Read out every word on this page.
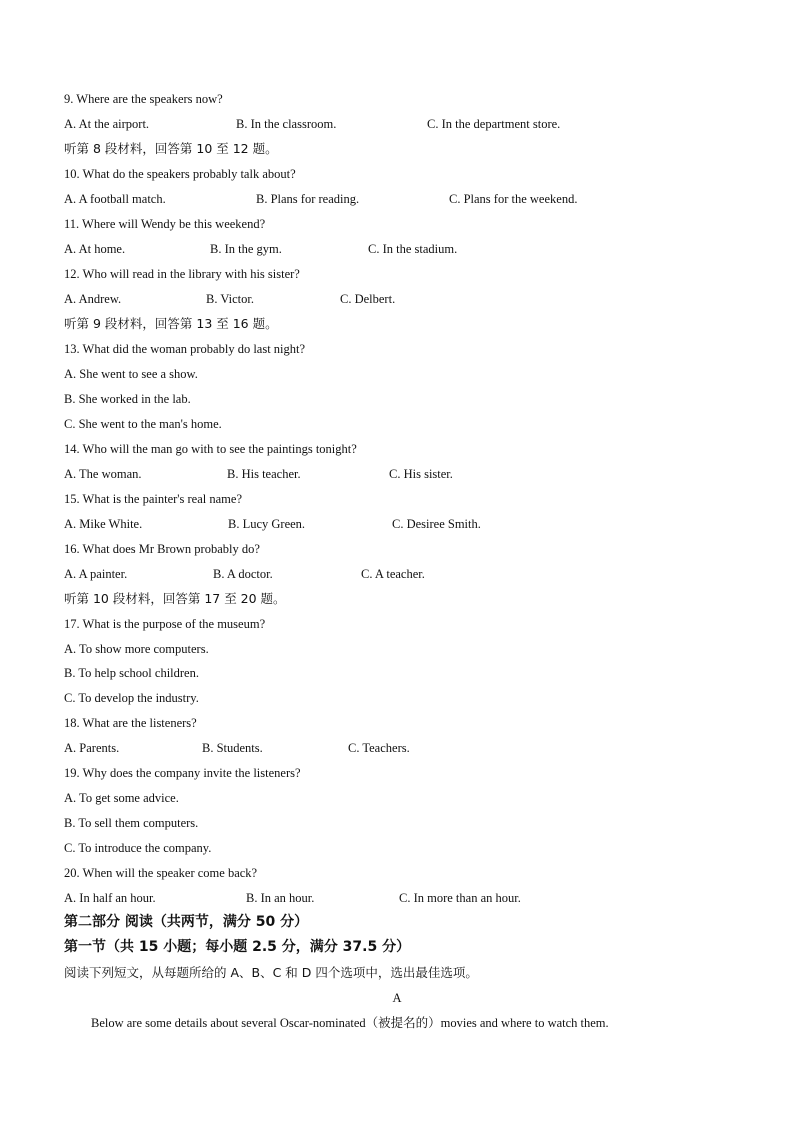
9. Where are the speakers now?
A. At the airport.	B. In the classroom.	C. In the department store.
听第 8 段材料，回答第 10 至 12 题。
10. What do the speakers probably talk about?
A. A football match.	B. Plans for reading.	C. Plans for the weekend.
11. Where will Wendy be this weekend?
A. At home.	B. In the gym.	C. In the stadium.
12. Who will read in the library with his sister?
A. Andrew.	B. Victor.	C. Delbert.
听第 9 段材料，回答第 13 至 16 题。
13. What did the woman probably do last night?
A. She went to see a show.
B. She worked in the lab.
C. She went to the man's home.
14. Who will the man go with to see the paintings tonight?
A. The woman.	B. His teacher.	C. His sister.
15. What is the painter's real name?
A. Mike White.	B. Lucy Green.	C. Desiree Smith.
16. What does Mr Brown probably do?
A. A painter.	B. A doctor.	C. A teacher.
听第 10 段材料，回答第 17 至 20 题。
17. What is the purpose of the museum?
A. To show more computers.
B. To help school children.
C. To develop the industry.
18. What are the listeners?
A. Parents.	B. Students.	C. Teachers.
19. Why does the company invite the listeners?
A. To get some advice.
B. To sell them computers.
C. To introduce the company.
20. When will the speaker come back?
A. In half an hour.	B. In an hour.	C. In more than an hour.
第二部分 阅读（共两节，满分 50 分）
第一节（共 15 小题；每小题 2.5 分，满分 37.5 分）
阅读下列短文，从每题所给的 A、B、C 和 D 四个选项中，选出最佳选项。
A
Below are some details about several Oscar-nominated（被提名的）movies and where to watch them.
